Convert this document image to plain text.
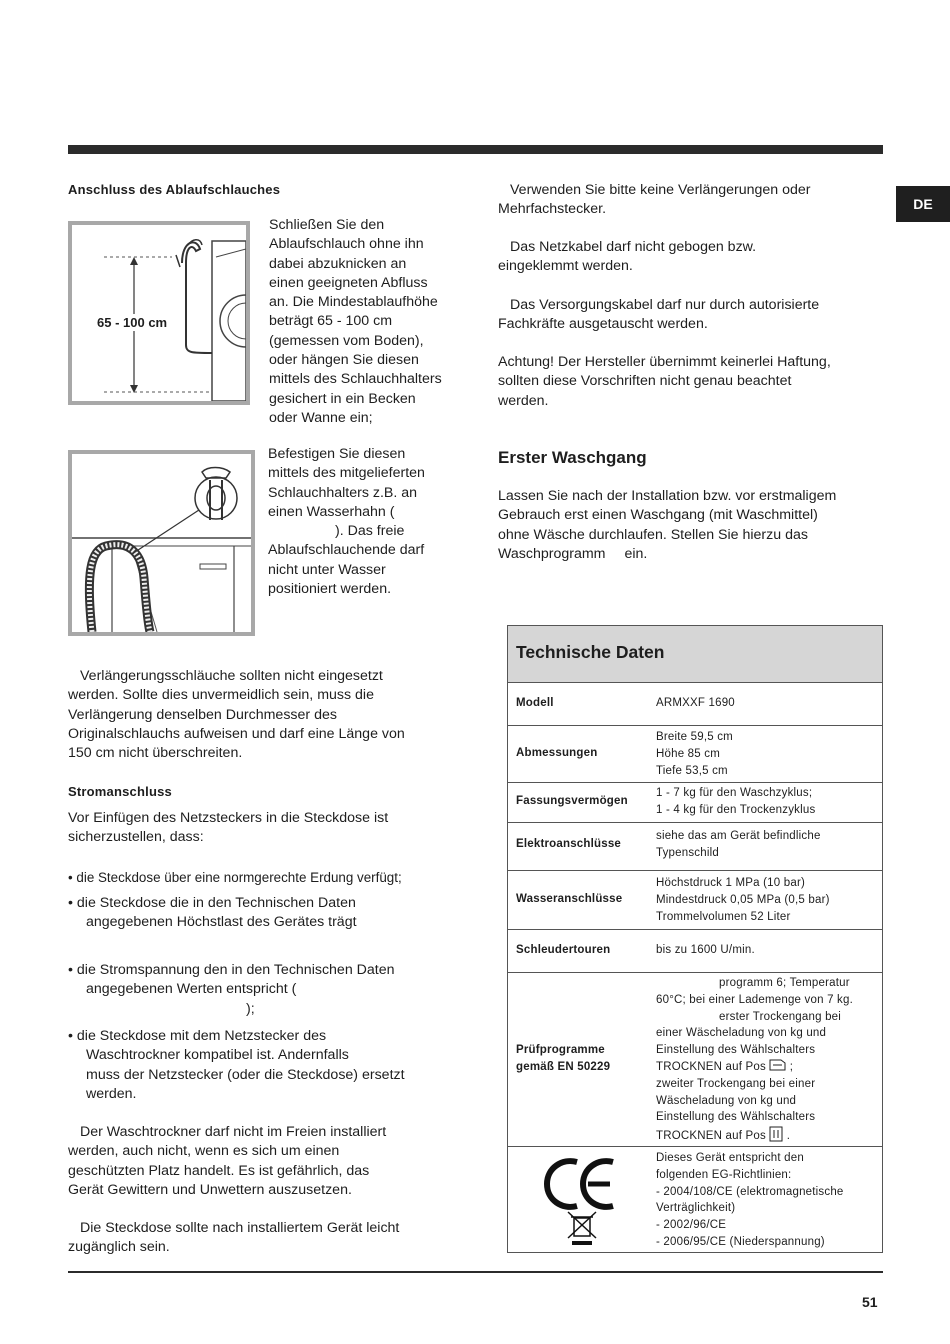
DE
51
Anschluss des Ablaufschlauches
65 - 100 cm
Schließen Sie den
Ablaufschlauch ohne ihn
dabei abzuknicken an
einen geeigneten Abfluss
an. Die Mindestablaufhöhe
beträgt 65 - 100 cm
(gemessen vom Boden),
oder hängen Sie diesen
mittels des Schlauchhalters
gesichert in ein Becken
oder Wanne ein;
Befestigen Sie diesen
mittels des mitgelieferten
Schlauchhalters z.B. an
einen Wasserhahn (
). Das freie
Ablaufschlauchende darf
nicht unter Wasser
positioniert werden.
Verlängerungsschläuche sollten nicht eingesetzt
werden. Sollte dies unvermeidlich sein, muss die
Verlängerung denselben Durchmesser des
Originalschlauchs aufweisen und darf eine Länge von
150 cm nicht überschreiten.
Stromanschluss
Vor Einfügen des Netzsteckers in die Steckdose ist
sicherzustellen, dass:
• die Steckdose über eine normgerechte Erdung verfügt;
• die Steckdose die in den Technischen Daten
angegebenen Höchstlast des Gerätes trägt
• die Stromspannung den in den Technischen Daten
angegebenen Werten entspricht (
);
• die Steckdose mit dem Netzstecker des
Waschtrockner kompatibel ist. Andernfalls
muss der Netzstecker (oder die Steckdose) ersetzt
werden.
Der Waschtrockner darf nicht im Freien installiert
werden, auch nicht, wenn es sich um einen
geschützten Platz handelt. Es ist gefährlich, das
Gerät Gewittern und Unwettern auszusetzen.
Die Steckdose sollte nach installiertem Gerät leicht
zugänglich sein.
Verwenden Sie bitte keine Verlängerungen oder
Mehrfachstecker.
Das Netzkabel darf nicht gebogen bzw.
eingeklemmt werden.
Das Versorgungskabel darf nur durch autorisierte
Fachkräfte ausgetauscht werden.
Achtung! Der Hersteller übernimmt keinerlei Haftung,
sollten diese Vorschriften nicht genau beachtet
werden.
Erster Waschgang
Lassen Sie nach der Installation bzw. vor erstmaligem
Gebrauch erst einen Waschgang (mit Waschmittel)
ohne Wäsche durchlaufen. Stellen Sie hierzu das
Waschprogramm ein.
Technische Daten
Modell	ARMXXF 1690
Abmessungen
Breite 59,5 cm
Höhe 85 cm
Tiefe 53,5 cm
Fassungsvermögen
1 - 7 kg für den Waschzyklus;
1 - 4 kg für den Trockenzyklus
Elektroanschlüsse
siehe das am Gerät befindliche
Typenschild
Wasseranschlüsse
Höchstdruck 1 MPa (10 bar)
Mindestdruck 0,05 MPa (0,5 bar)
Trommelvolumen 52 Liter
Schleudertouren	bis zu 1600 U/min.
Prüfprogramme
gemäß EN 50229
programm 6; Temperatur
60°C; bei einer Lademenge von 7 kg.
erster Trockengang bei
einer Wäscheladung von kg und
Einstellung des Wählschalters
TROCKNEN auf Pos ;
zweiter Trockengang bei einer
Wäscheladung von kg und
Einstellung des Wählschalters
TROCKNEN auf Pos .
Dieses Gerät entspricht den
folgenden EG-Richtlinien:
- 2004/108/CE (elektromagnetische
Verträglichkeit)
- 2002/96/CE
- 2006/95/CE (Niederspannung)
